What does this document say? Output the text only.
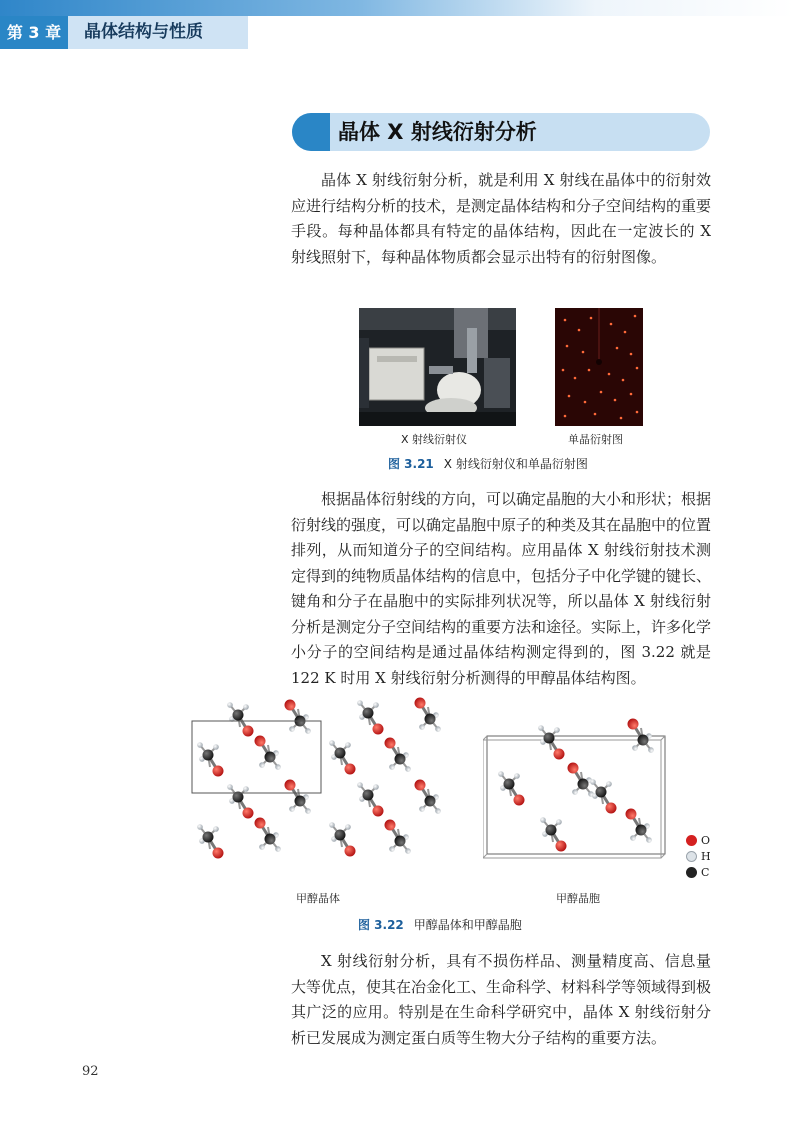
第 3 章	晶体结构与性质
晶体 X 射线衍射分析

晶体 X 射线衍射分析，就是利用 X 射线在晶体中的衍射效应进行结构分析的技术，是测定晶体结构和分子空间结构的重要手段。每种晶体都具有特定的晶体结构，因此在一定波长的 X 射线照射下，每种晶体物质都会显示出特有的衍射图像。

X 射线衍射仪	单晶衍射图
图 3.21 X 射线衍射仪和单晶衍射图

根据晶体衍射线的方向，可以确定晶胞的大小和形状；根据衍射线的强度，可以确定晶胞中原子的种类及其在晶胞中的位置排列，从而知道分子的空间结构。应用晶体 X 射线衍射技术测定得到的纯物质晶体结构的信息中，包括分子中化学键的键长、键角和分子在晶胞中的实际排列状况等，所以晶体 X 射线衍射分析是测定分子空间结构的重要方法和途径。实际上，许多化学小分子的空间结构是通过晶体结构测定得到的，图 3.22 就是 122 K 时用 X 射线衍射分析测得的甲醇晶体结构图。

O
H
C
甲醇晶体	甲醇晶胞
图 3.22 甲醇晶体和甲醇晶胞

X 射线衍射分析，具有不损伤样品、测量精度高、信息量大等优点，使其在冶金化工、生命科学、材料科学等领域得到极其广泛的应用。特别是在生命科学研究中，晶体 X 射线衍射分析已发展成为测定蛋白质等生物大分子结构的重要方法。

92
